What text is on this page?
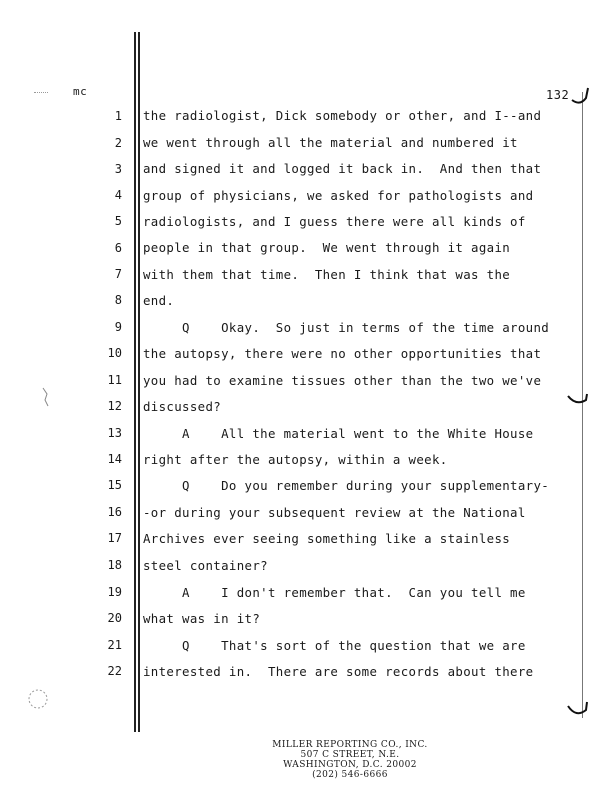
mc	132
1 the radiologist, Dick somebody or other, and I--and
2 we went through all the material and numbered it
3 and signed it and logged it back in.  And then that
4 group of physicians, we asked for pathologists and
5 radiologists, and I guess there were all kinds of
6 people in that group.  We went through it again
7 with them that time.  Then I think that was the
8 end.
9 Q    Okay.  So just in terms of the time around
10 the autopsy, there were no other opportunities that
11 you had to examine tissues other than the two we've
12 discussed?
13 A    All the material went to the White House
14 right after the autopsy, within a week.
15 Q    Do you remember during your supplementary-
16 -or during your subsequent review at the National
17 Archives ever seeing something like a stainless
18 steel container?
19 A    I don't remember that.  Can you tell me
20 what was in it?
21 Q    That's sort of the question that we are
22 interested in.  There are some records about there
MILLER REPORTING CO., INC.
507 C STREET, N.E.
WASHINGTON, D.C. 20002
(202) 546-6666
